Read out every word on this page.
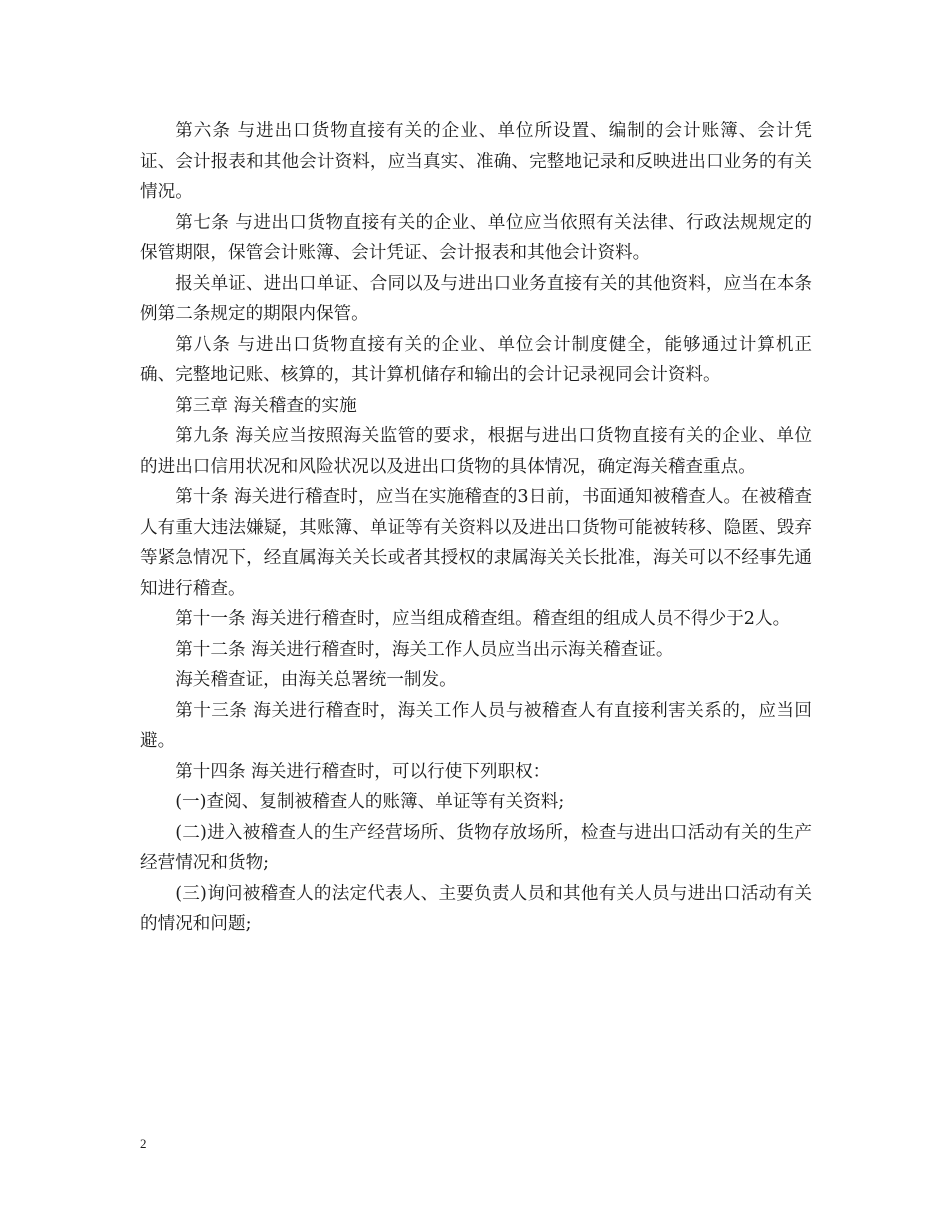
第六条 与进出口货物直接有关的企业、单位所设置、编制的会计账簿、会计凭证、会计报表和其他会计资料，应当真实、准确、完整地记录和反映进出口业务的有关情况。

第七条 与进出口货物直接有关的企业、单位应当依照有关法律、行政法规规定的保管期限，保管会计账簿、会计凭证、会计报表和其他会计资料。

报关单证、进出口单证、合同以及与进出口业务直接有关的其他资料，应当在本条例第二条规定的期限内保管。

第八条 与进出口货物直接有关的企业、单位会计制度健全，能够通过计算机正确、完整地记账、核算的，其计算机储存和输出的会计记录视同会计资料。

第三章 海关稽查的实施

第九条 海关应当按照海关监管的要求，根据与进出口货物直接有关的企业、单位的进出口信用状况和风险状况以及进出口货物的具体情况，确定海关稽查重点。

第十条 海关进行稽查时，应当在实施稽查的3日前，书面通知被稽查人。在被稽查人有重大违法嫌疑，其账簿、单证等有关资料以及进出口货物可能被转移、隐匿、毁弃等紧急情况下，经直属海关关长或者其授权的隶属海关关长批准，海关可以不经事先通知进行稽查。

第十一条 海关进行稽查时，应当组成稽查组。稽查组的组成人员不得少于2人。

第十二条 海关进行稽查时，海关工作人员应当出示海关稽查证。

海关稽查证，由海关总署统一制发。

第十三条 海关进行稽查时，海关工作人员与被稽查人有直接利害关系的，应当回避。

第十四条 海关进行稽查时，可以行使下列职权：

(一)查阅、复制被稽查人的账簿、单证等有关资料;

(二)进入被稽查人的生产经营场所、货物存放场所，检查与进出口活动有关的生产经营情况和货物;

(三)询问被稽查人的法定代表人、主要负责人员和其他有关人员与进出口活动有关的情况和问题;

2
